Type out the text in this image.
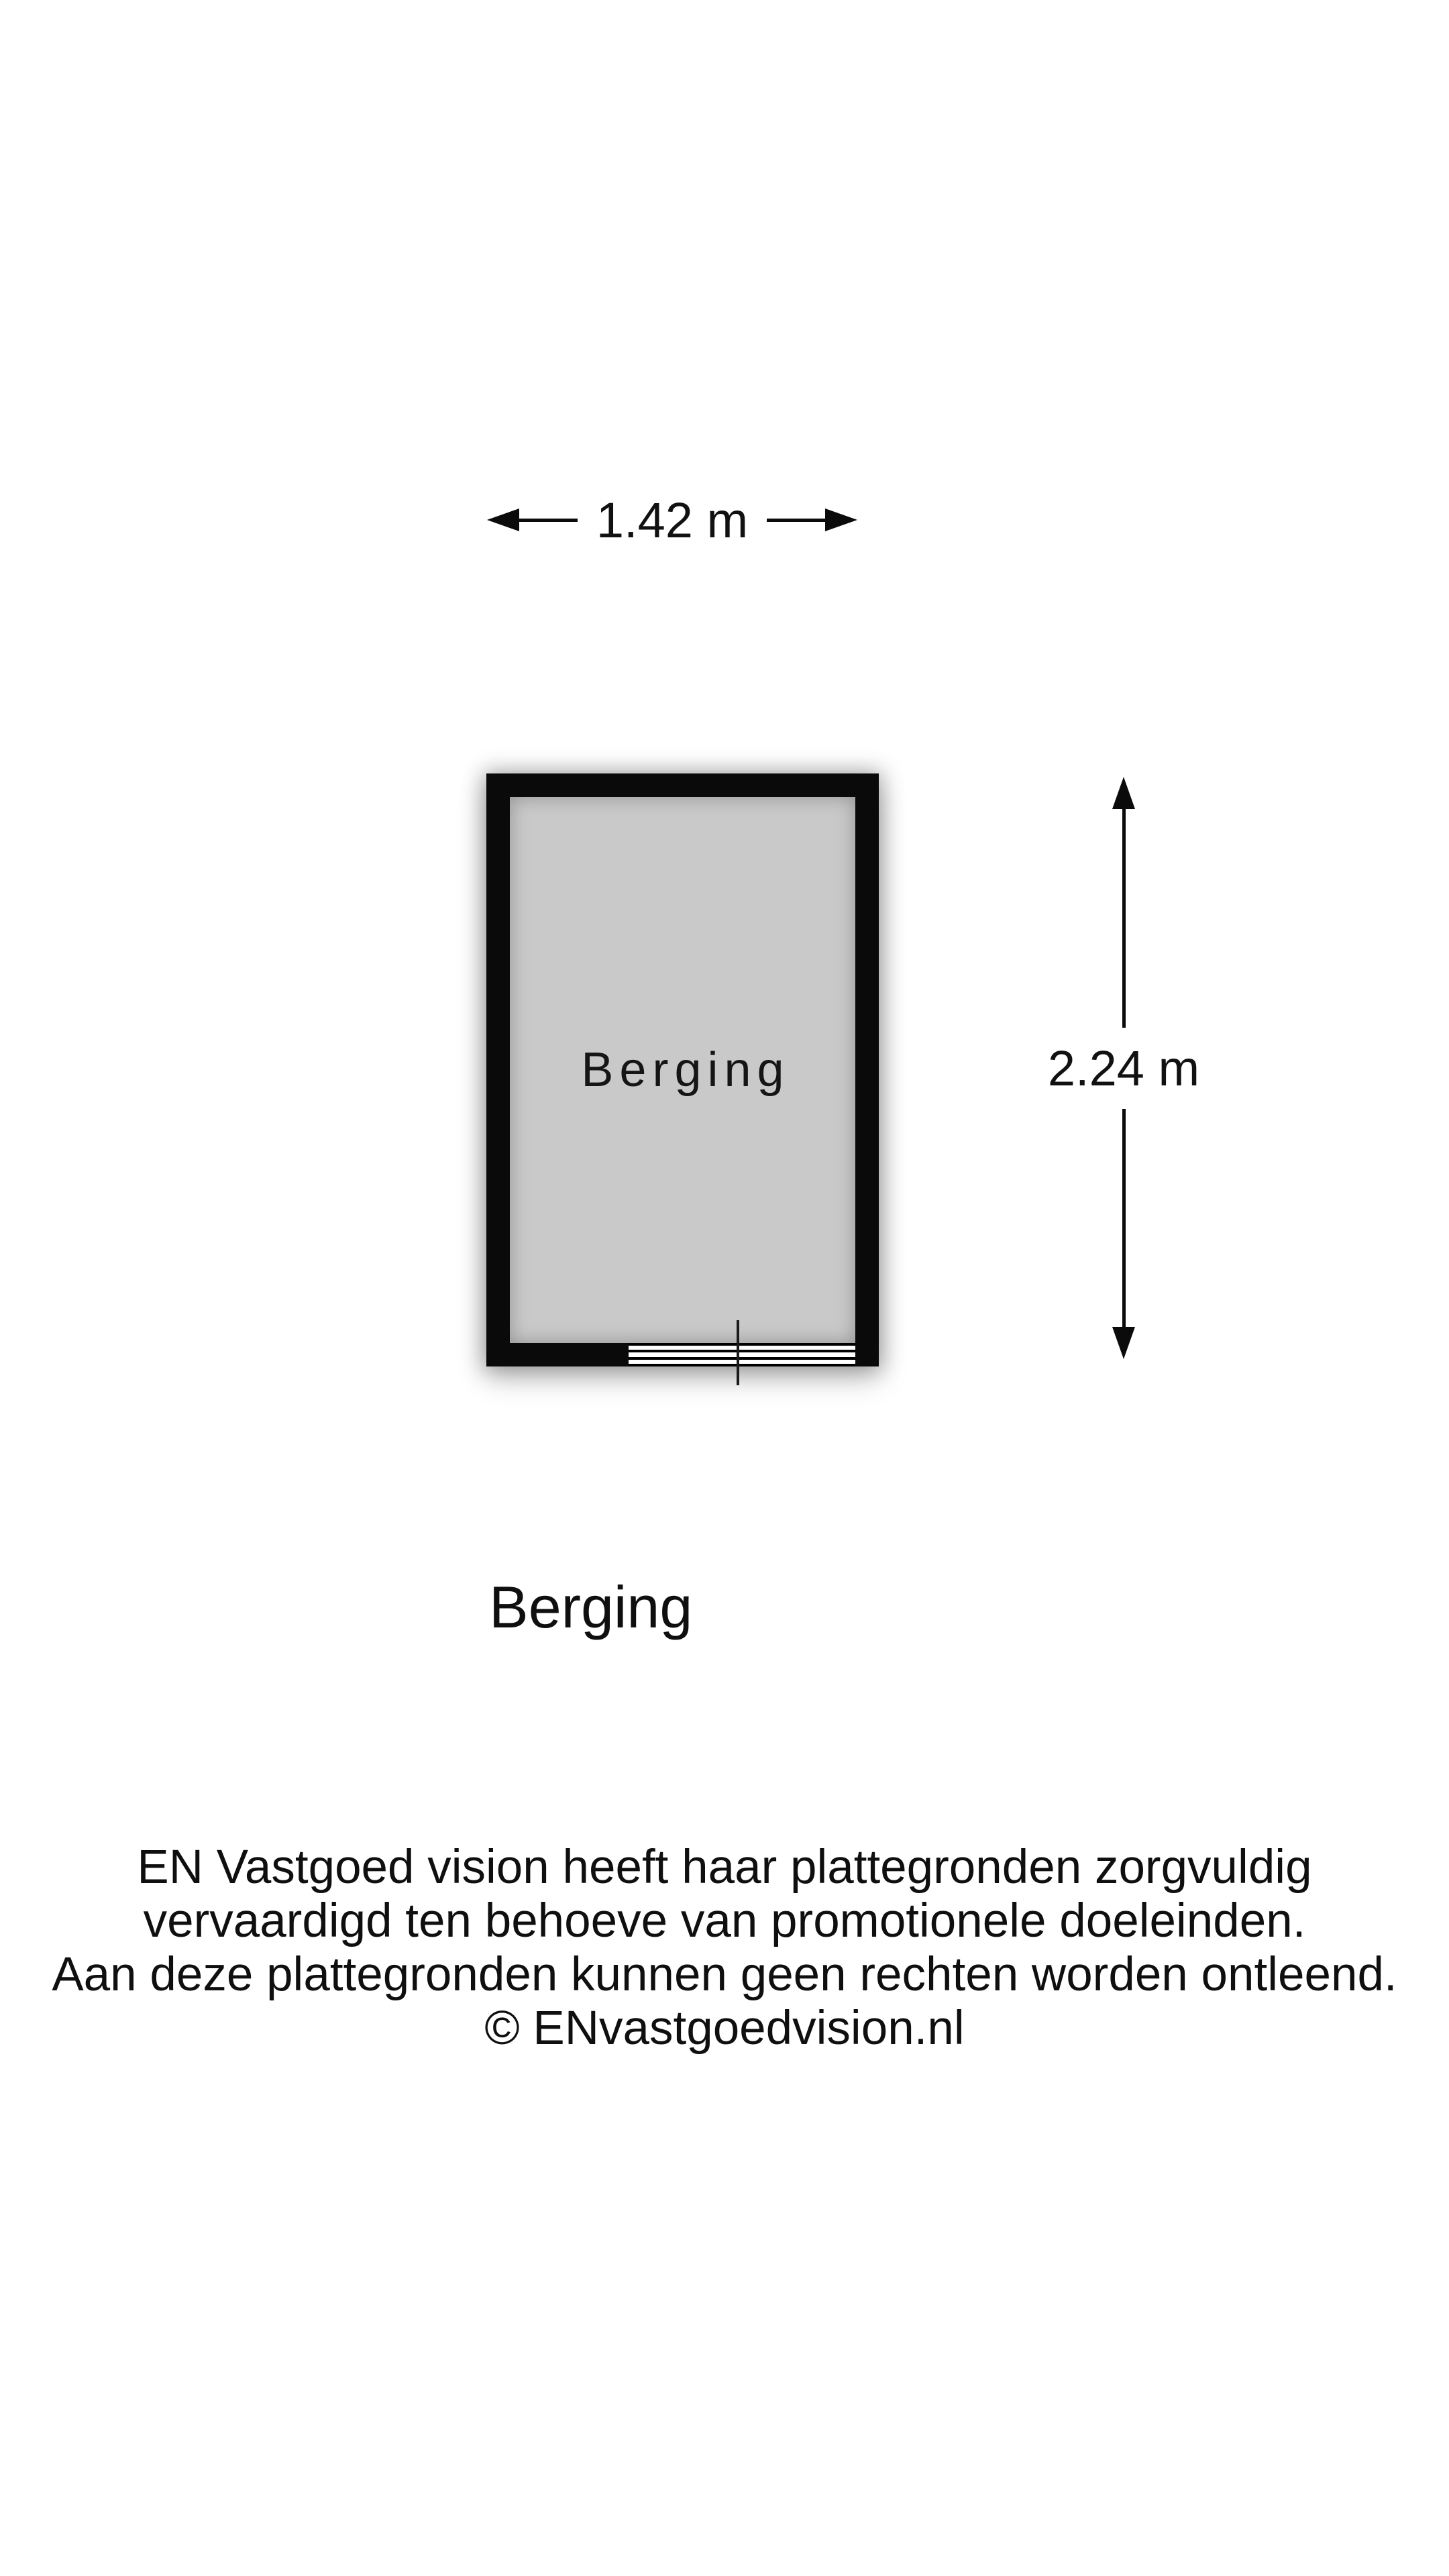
1.42 m
Berging	2.24 m
Berging
EN Vastgoed vision heeft haar plattegronden zorgvuldig
vervaardigd ten behoeve van promotionele doeleinden.
Aan deze plattegronden kunnen geen rechten worden ontleend.
© ENvastgoedvision.nl
